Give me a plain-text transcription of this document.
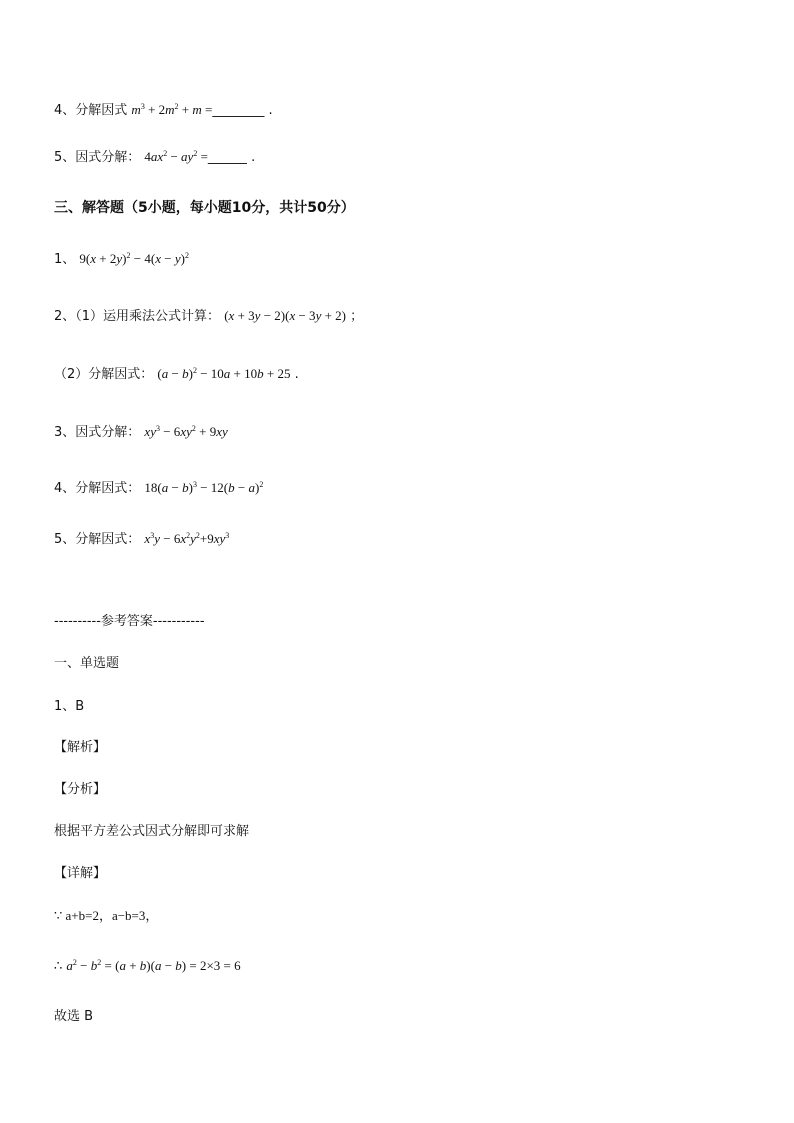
4、分解因式 $m^3 + 2m^2 + m$ =________ .
5、因式分解： $4ax^2 - ay^2$ =______ .
三、解答题（5小题，每小题10分，共计50分）
1、 $9(x + 2y)^2 - 4(x - y)^2$
2、（1）运用乘法公式计算： (x + 3y − 2)(x − 3y + 2) ；
（2）分解因式： $(a - b)^2 - 10a + 10b + 25$ .
3、因式分解： $xy^3 - 6xy^2 + 9xy$
4、分解因式： $18(a - b)^3 - 12(b - a)^2$
5、分解因式： $x^3y - 6x^2y^2+9xy^3$
----------参考答案-----------
一、单选题
1、B
【解析】
【分析】
根据平方差公式因式分解即可求解
【详解】
∵ a+b=2，a−b=3，
∴ $a^2 - b^2 = (a + b)(a - b) = 2\times 3 = 6$
故选 B
